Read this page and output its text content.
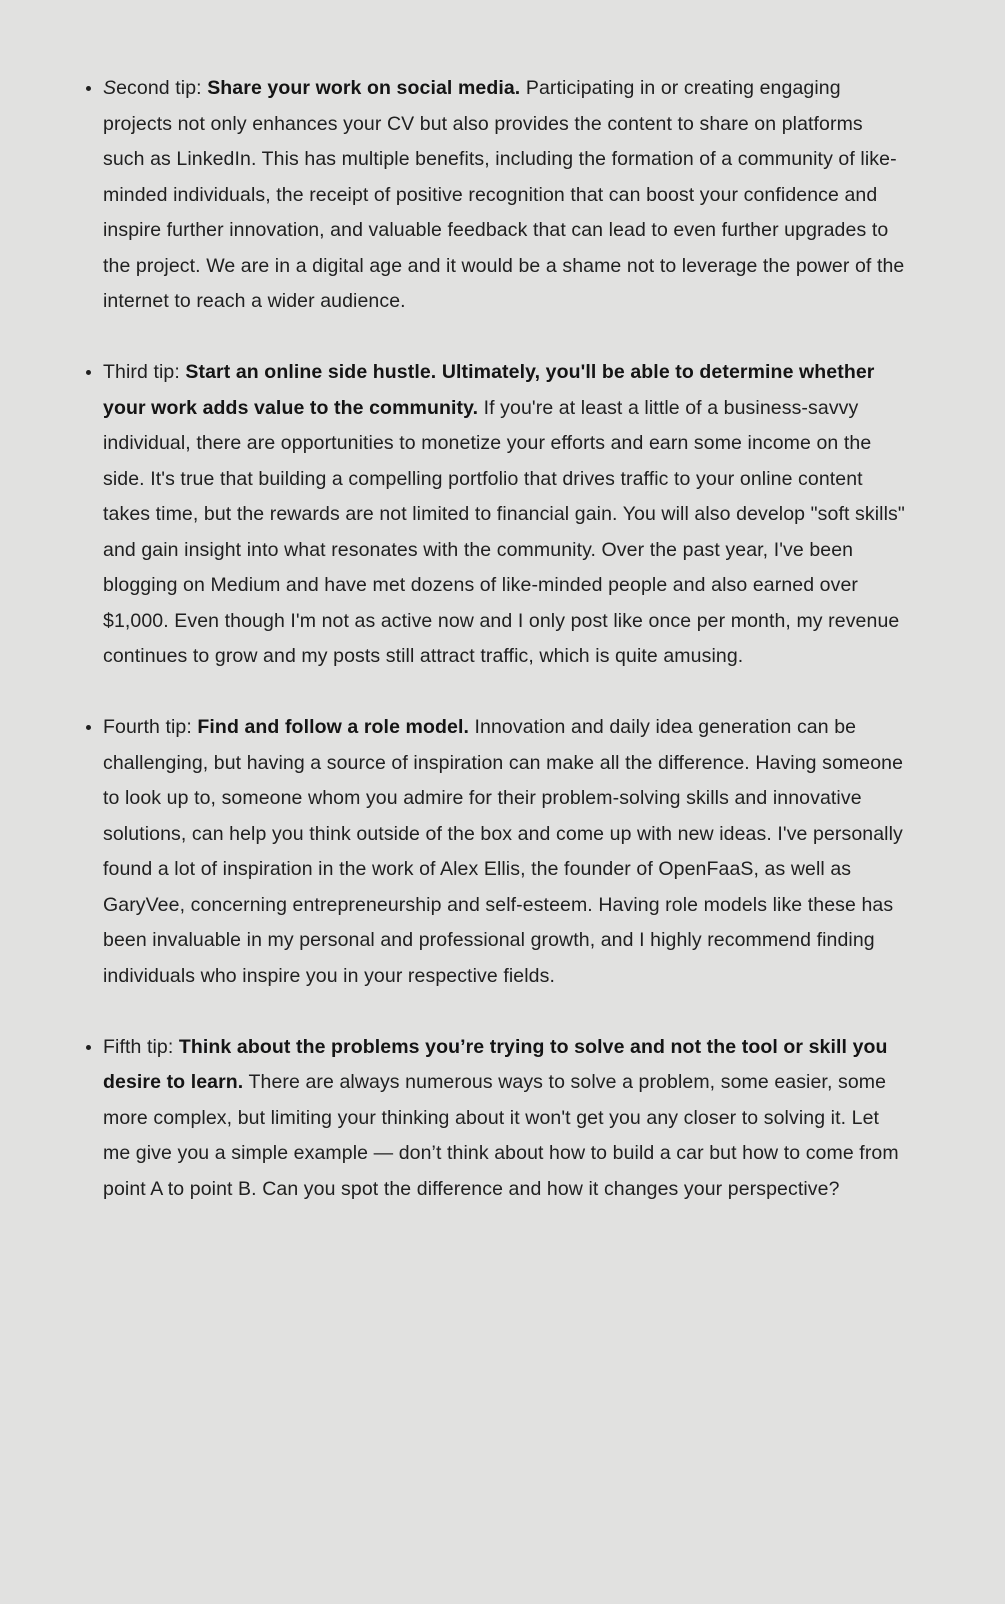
• Second tip: Share your work on social media. Participating in or creating engaging projects not only enhances your CV but also provides the content to share on platforms such as LinkedIn. This has multiple benefits, including the formation of a community of like-minded individuals, the receipt of positive recognition that can boost your confidence and inspire further innovation, and valuable feedback that can lead to even further upgrades to the project. We are in a digital age and it would be a shame not to leverage the power of the internet to reach a wider audience.
• Third tip: Start an online side hustle. Ultimately, you'll be able to determine whether your work adds value to the community. If you're at least a little of a business-savvy individual, there are opportunities to monetize your efforts and earn some income on the side. It's true that building a compelling portfolio that drives traffic to your online content takes time, but the rewards are not limited to financial gain. You will also develop "soft skills" and gain insight into what resonates with the community. Over the past year, I've been blogging on Medium and have met dozens of like-minded people and also earned over $1,000. Even though I'm not as active now and I only post like once per month, my revenue continues to grow and my posts still attract traffic, which is quite amusing.
• Fourth tip: Find and follow a role model. Innovation and daily idea generation can be challenging, but having a source of inspiration can make all the difference. Having someone to look up to, someone whom you admire for their problem-solving skills and innovative solutions, can help you think outside of the box and come up with new ideas. I've personally found a lot of inspiration in the work of Alex Ellis, the founder of OpenFaaS, as well as GaryVee, concerning entrepreneurship and self-esteem. Having role models like these has been invaluable in my personal and professional growth, and I highly recommend finding individuals who inspire you in your respective fields.
• Fifth tip: Think about the problems you’re trying to solve and not the tool or skill you desire to learn. There are always numerous ways to solve a problem, some easier, some more complex, but limiting your thinking about it won't get you any closer to solving it. Let me give you a simple example — don’t think about how to build a car but how to come from point A to point B. Can you spot the difference and how it changes your perspective?
